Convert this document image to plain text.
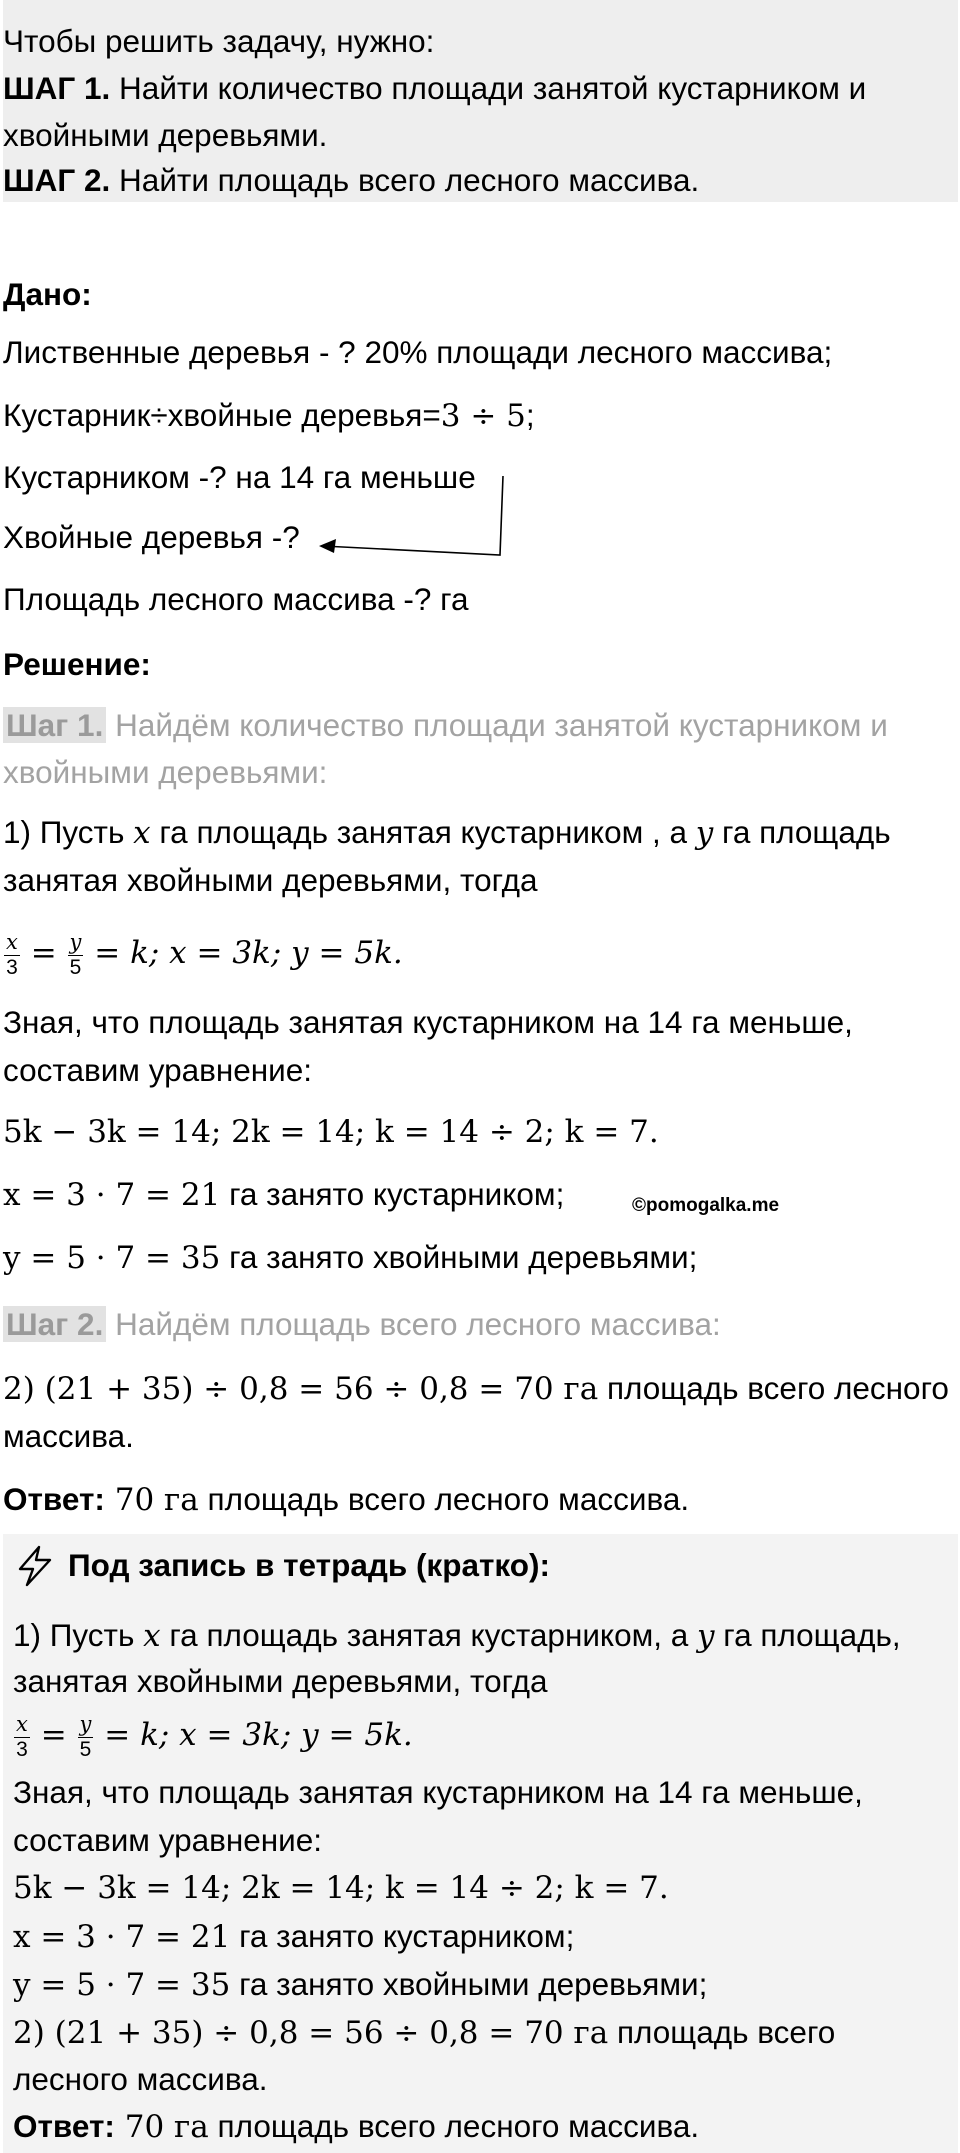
Чтобы решить задачу, нужно:
ШАГ 1. Найти количество площади занятой кустарником и
хвойными деревьями.
ШАГ 2. Найти площадь всего лесного массива.
Дано:
Лиственные деревья - ? 20% площади лесного массива;
Кустарник÷хвойные деревья=3 ÷ 5;
Кустарником -? на 14 га меньше
Хвойные деревья -?
Площадь лесного массива -? га
Решение:
Шаг 1. Найдём количество площади занятой кустарником и
хвойными деревьями:
1) Пусть x га площадь занятая кустарником , а y га площадь
занятая хвойными деревьями, тогда
$\frac{x}{3} = \frac{y}{5} = k$; x = 3k; y = 5k.
Зная, что площадь занятая кустарником на 14 га меньше,
составим уравнение:
5k − 3k = 14; 2k = 14; k = 14 ÷ 2; k = 7.
x = 3 · 7 = 21 га занято кустарником;	©pomogalka.me
y = 5 · 7 = 35 га занято хвойными деревьями;
Шаг 2. Найдём площадь всего лесного массива:
2) (21 + 35) ÷ 0,8 = 56 ÷ 0,8 = 70 га площадь всего лесного
массива.
Ответ: 70 га площадь всего лесного массива.
Под запись в тетрадь (кратко):
1) Пусть x га площадь занятая кустарником, а y га площадь,
занятая хвойными деревьями, тогда
$\frac{x}{3} = \frac{y}{5} = k$; x = 3k; y = 5k.
Зная, что площадь занятая кустарником на 14 га меньше,
составим уравнение:
5k − 3k = 14; 2k = 14; k = 14 ÷ 2; k = 7.
x = 3 · 7 = 21 га занято кустарником;
y = 5 · 7 = 35 га занято хвойными деревьями;
2) (21 + 35) ÷ 0,8 = 56 ÷ 0,8 = 70 га площадь всего
лесного массива.
Ответ: 70 га площадь всего лесного массива.
